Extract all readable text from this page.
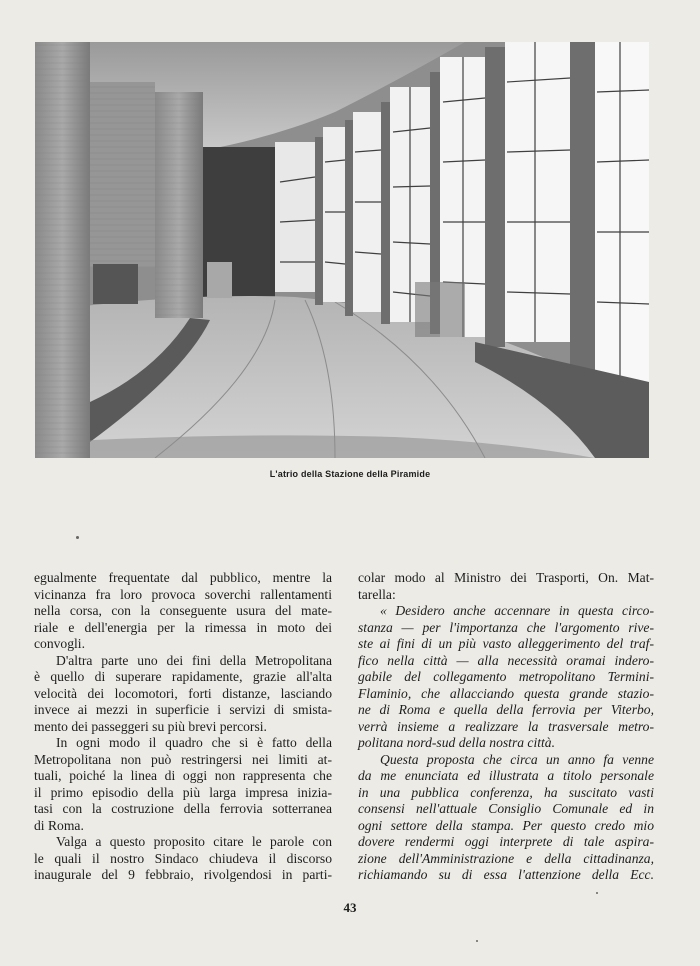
L'atrio della Stazione della Piramide
egualmente frequentate dal pubblico, mentre la
vicinanza fra loro provoca soverchi rallentamenti
nella corsa, con la conseguente usura del mate-
riale e dell'energia per la rimessa in moto dei
convogli.
D'altra parte uno dei fini della Metropolitana
è quello di superare rapidamente, grazie all'alta
velocità dei locomotori, forti distanze, lasciando
invece ai mezzi in superficie i servizi di smista-
mento dei passeggeri su più brevi percorsi.
In ogni modo il quadro che si è fatto della
Metropolitana non può restringersi nei limiti at-
tuali, poiché la linea di oggi non rappresenta che
il primo episodio della più larga impresa inizia-
tasi con la costruzione della ferrovia sotterranea
di Roma.
Valga a questo proposito citare le parole con
le quali il nostro Sindaco chiudeva il discorso
inaugurale del 9 febbraio, rivolgendosi in parti-
colar modo al Ministro dei Trasporti, On. Mat-
tarella:
« Desidero anche accennare in questa circo-
stanza — per l'importanza che l'argomento rive-
ste ai fini di un più vasto alleggerimento del traf-
fico nella città — alla necessità oramai indero-
gabile del collegamento metropolitano Termini-
Flaminio, che allacciando questa grande stazio-
ne di Roma e quella della ferrovia per Viterbo,
verrà insieme a realizzare la trasversale metro-
politana nord-sud della nostra città.
Questa proposta che circa un anno fa venne
da me enunciata ed illustrata a titolo personale
in una pubblica conferenza, ha suscitato vasti
consensi nell'attuale Consiglio Comunale ed in
ogni settore della stampa. Per questo credo mio
dovere rendermi oggi interprete di tale aspira-
zione dell'Amministrazione e della cittadinanza,
richiamando su di essa l'attenzione della Ecc.
43
